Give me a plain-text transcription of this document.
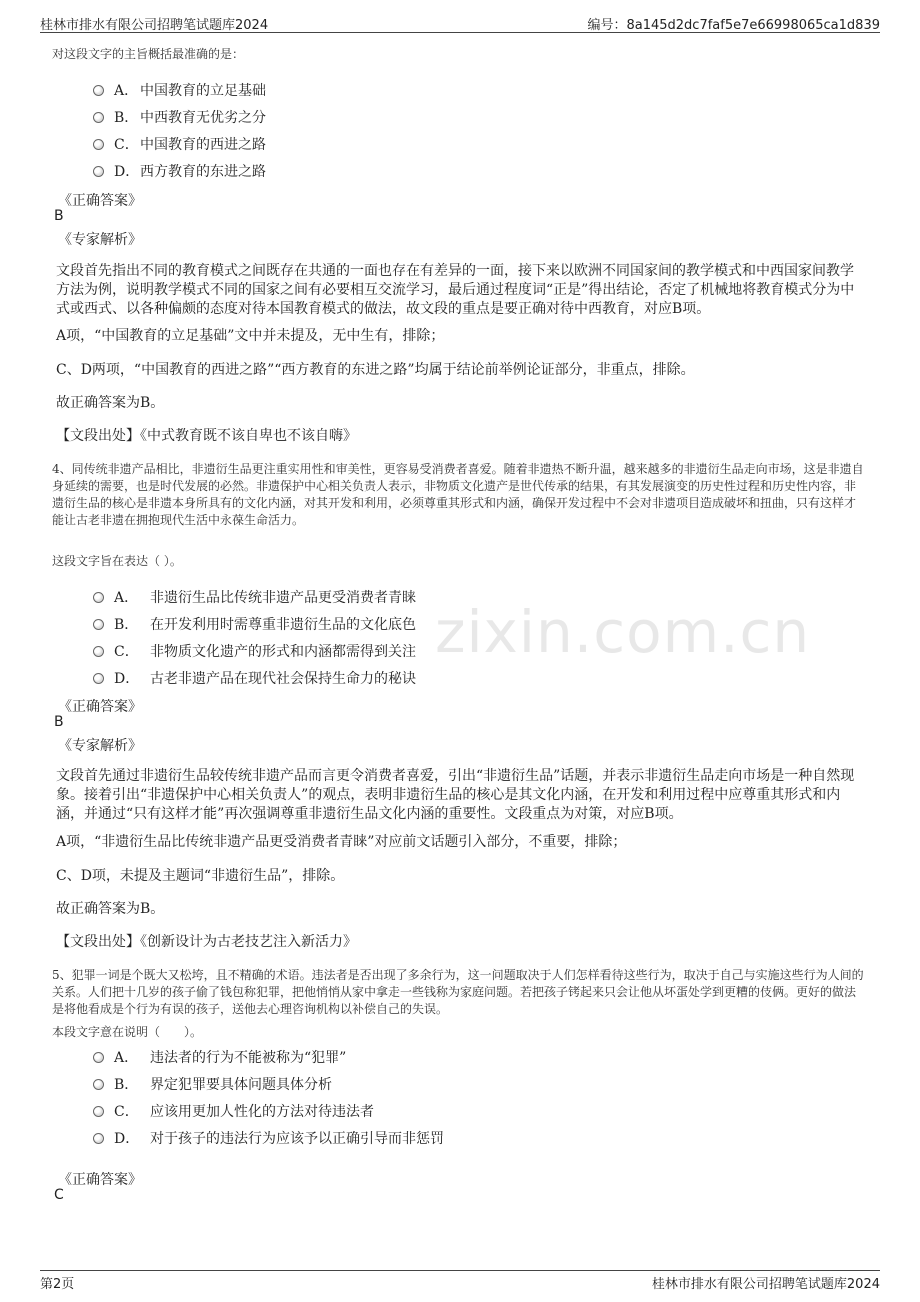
桂林市排水有限公司招聘笔试题库2024	编号：8a145d2dc7faf5e7e66998065ca1d839
zixin.com.cn
对这段文字的主旨概括最准确的是：
A． 中国教育的立足基础
B． 中西教育无优劣之分
C．中国教育的西进之路
D．西方教育的东进之路
《正确答案》
B
《专家解析》
文段首先指出不同的教育模式之间既存在共通的一面也存在有差异的一面，接下来以欧洲不同国家间的教学模式和中西国家间教学方法为例，说明教学模式不同的国家之间有必要相互交流学习，最后通过程度词“正是”得出结论，否定了机械地将教育模式分为中式或西式、以各种偏颇的态度对待本国教育模式的做法，故文段的重点是要正确对待中西教育，对应B项。
A项，“中国教育的立足基础”文中并未提及，无中生有，排除；
C、D两项，“中国教育的西进之路”“西方教育的东进之路”均属于结论前举例论证部分，非重点，排除。
故正确答案为B。
【文段出处】《中式教育既不该自卑也不该自嗨》
4、同传统非遗产品相比，非遗衍生品更注重实用性和审美性，更容易受消费者喜爱。随着非遗热不断升温，越来越多的非遗衍生品走向市场，这是非遗自身延续的需要，也是时代发展的必然。非遗保护中心相关负责人表示，非物质文化遗产是世代传承的结果，有其发展演变的历史性过程和历史性内容，非遗衍生品的核心是非遗本身所具有的文化内涵，对其开发和利用，必须尊重其形式和内涵，确保开发过程中不会对非遗项目造成破坏和扭曲，只有这样才能让古老非遗在拥抱现代生活中永葆生命活力。
这段文字旨在表达（ ）。
A． 非遗衍生品比传统非遗产品更受消费者青睐
B． 在开发利用时需尊重非遗衍生品的文化底色
C． 非物质文化遗产的形式和内涵都需得到关注
D． 古老非遗产品在现代社会保持生命力的秘诀
《正确答案》
B
《专家解析》
文段首先通过非遗衍生品较传统非遗产品而言更令消费者喜爱，引出“非遗衍生品”话题，并表示非遗衍生品走向市场是一种自然现象。接着引出“非遗保护中心相关负责人”的观点，表明非遗衍生品的核心是其文化内涵，在开发和利用过程中应尊重其形式和内涵，并通过“只有这样才能”再次强调尊重非遗衍生品文化内涵的重要性。文段重点为对策，对应B项。
A项，“非遗衍生品比传统非遗产品更受消费者青睐”对应前文话题引入部分，不重要，排除；
C、D项，未提及主题词“非遗衍生品”，排除。
故正确答案为B。
【文段出处】《创新设计为古老技艺注入新活力》
5、犯罪一词是个既大又松垮，且不精确的术语。违法者是否出现了多余行为，这一问题取决于人们怎样看待这些行为，取决于自己与实施这些行为人间的关系。人们把十几岁的孩子偷了钱包称犯罪，把他悄悄从家中拿走一些钱称为家庭问题。若把孩子铐起来只会让他从坏蛋处学到更糟的伎俩。更好的做法是将他看成是个行为有误的孩子，送他去心理咨询机构以补偿自己的失误。
本段文字意在说明（　　）。
A． 违法者的行为不能被称为“犯罪”
B． 界定犯罪要具体问题具体分析
C． 应该用更加人性化的方法对待违法者
D． 对于孩子的违法行为应该予以正确引导而非惩罚
《正确答案》
C
第2页	桂林市排水有限公司招聘笔试题库2024
